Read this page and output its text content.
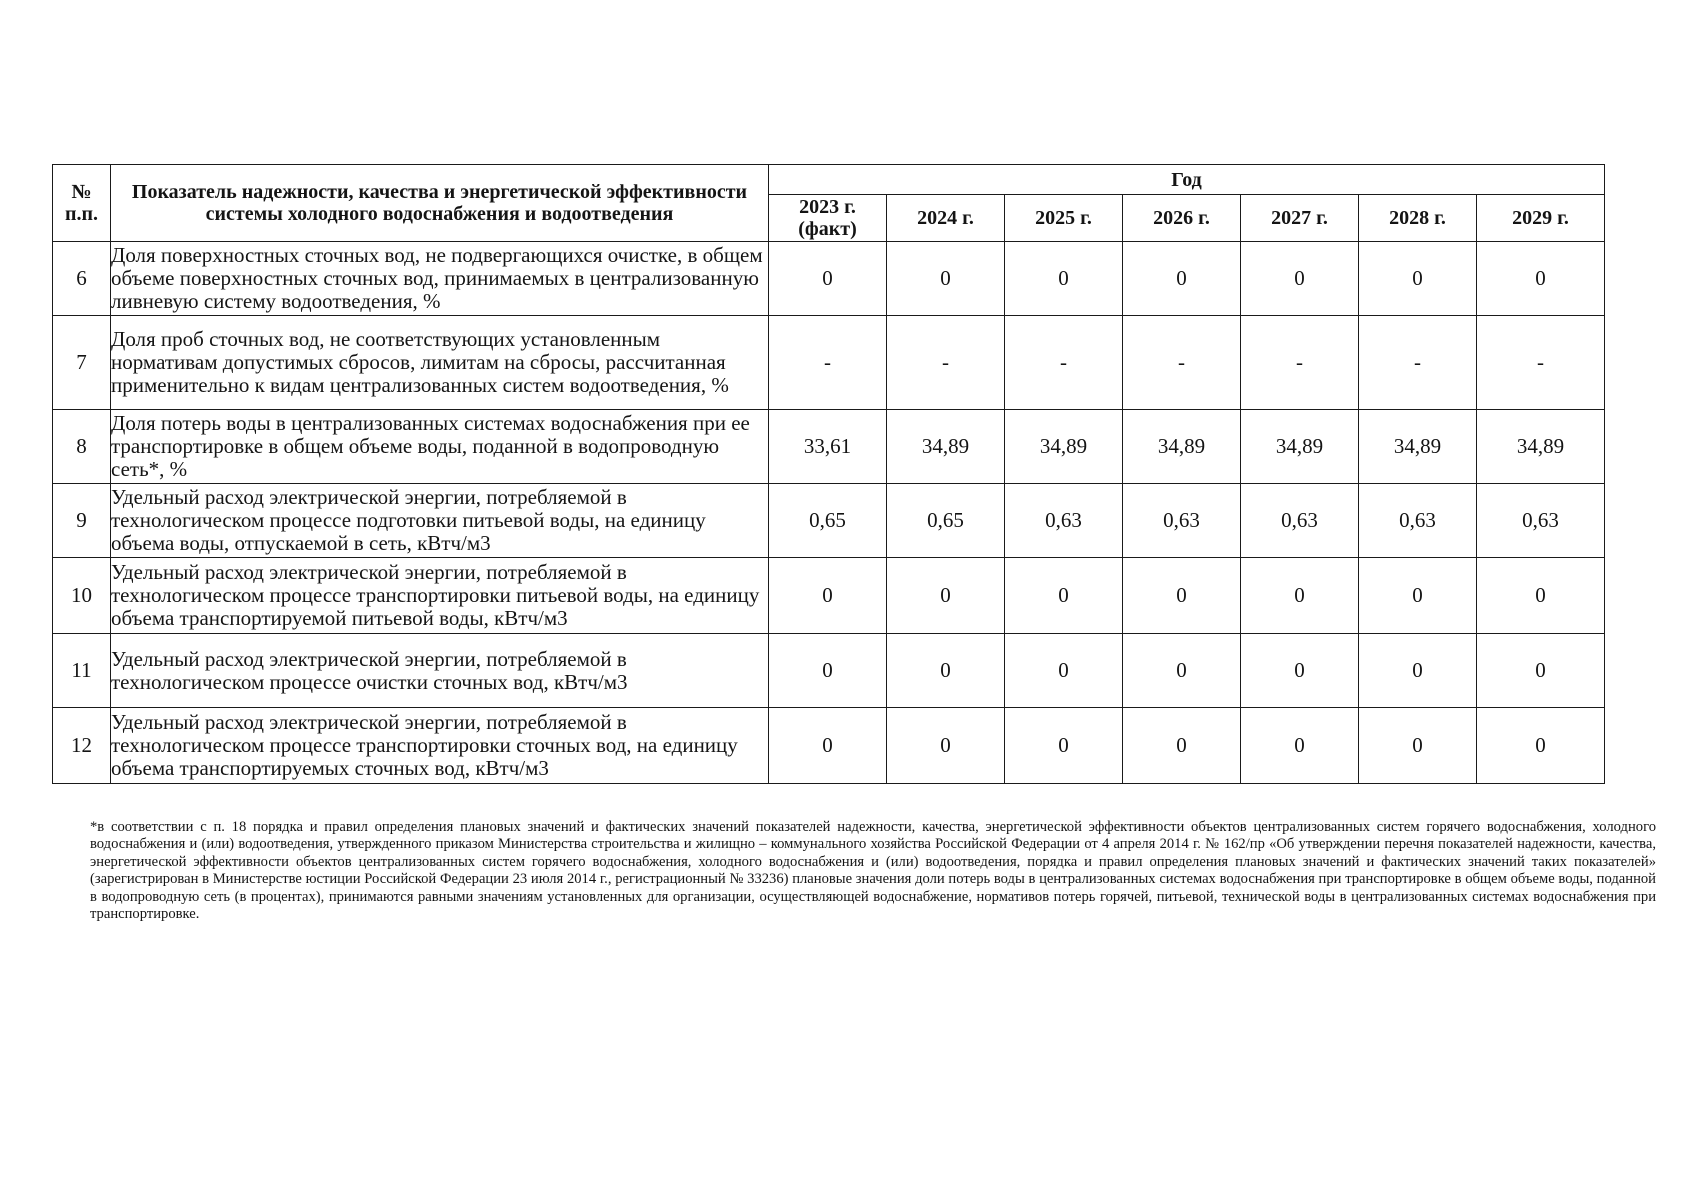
№ п.п.	Показатель надежности, качества и энергетической эффективности системы холодного водоснабжения и водоотведения	Год						
		2023 г. (факт)	2024 г.	2025 г.	2026 г.	2027 г.	2028 г.	2029 г.
6	Доля поверхностных сточных вод, не подвергающихся очистке, в общем объеме поверхностных сточных вод, принимаемых в централизованную ливневую систему водоотведения, %	0	0	0	0	0	0	0
7	Доля проб сточных вод, не соответствующих установленным нормативам допустимых сбросов, лимитам на сбросы, рассчитанная применительно к видам централизованных систем водоотведения, %	-	-	-	-	-	-	-
8	Доля потерь воды в централизованных системах водоснабжения при ее транспортировке в общем объеме воды, поданной в водопроводную сеть*, %	33,61	34,89	34,89	34,89	34,89	34,89	34,89
9	Удельный расход электрической энергии, потребляемой в технологическом процессе подготовки питьевой воды, на единицу объема воды, отпускаемой в сеть, кВтч/м3	0,65	0,65	0,63	0,63	0,63	0,63	0,63
10	Удельный расход электрической энергии, потребляемой в технологическом процессе транспортировки питьевой воды, на единицу объема транспортируемой питьевой воды, кВтч/м3	0	0	0	0	0	0	0
11	Удельный расход электрической энергии, потребляемой в технологическом процессе очистки сточных вод, кВтч/м3	0	0	0	0	0	0	0
12	Удельный расход электрической энергии, потребляемой в технологическом процессе транспортировки сточных вод, на единицу объема транспортируемых сточных вод, кВтч/м3	0	0	0	0	0	0	0

*в соответствии с п. 18 порядка и правил определения плановых значений и фактических значений показателей надежности, качества, энергетической эффективности объектов централизованных систем горячего водоснабжения, холодного водоснабжения и (или) водоотведения, утвержденного приказом Министерства строительства и жилищно – коммунального хозяйства Российской Федерации от 4 апреля 2014 г. № 162/пр «Об утверждении перечня показателей надежности, качества, энергетической эффективности объектов централизованных систем горячего водоснабжения, холодного водоснабжения и (или) водоотведения, порядка и правил определения плановых значений и фактических значений таких показателей» (зарегистрирован в Министерстве юстиции Российской Федерации 23 июля 2014 г., регистрационный № 33236) плановые значения доли потерь воды в централизованных системах водоснабжения при транспортировке в общем объеме воды, поданной в водопроводную сеть (в процентах), принимаются равными значениям установленных для организации, осуществляющей водоснабжение, нормативов потерь горячей, питьевой, технической воды в централизованных системах водоснабжения при транспортировке.
